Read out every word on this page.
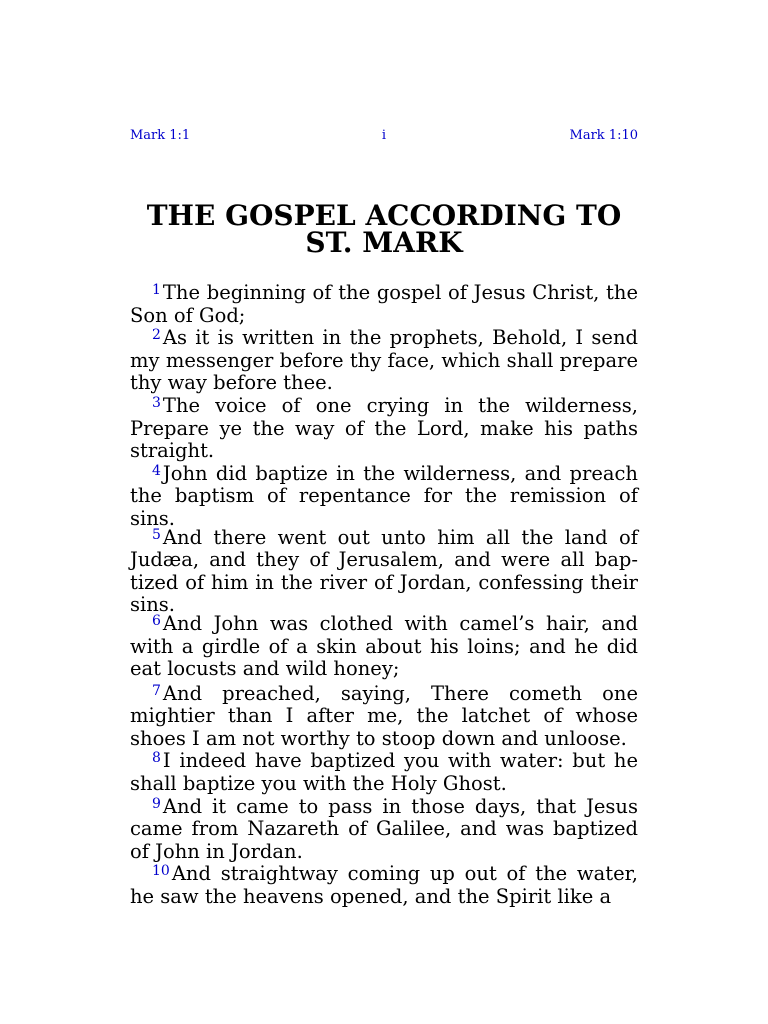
Mark 1:1	i	Mark 1:10
THE GOSPEL ACCORDING TO
ST. MARK

$^1$ The beginning of the gospel of Jesus Christ, the Son of God;

$^2$ As it is written in the prophets, Behold, I send my messenger before thy face, which shall prepare thy way before thee.

$^3$ The voice of one crying in the wilderness, Prepare ye the way of the Lord, make his paths straight.

$^4$ John did baptize in the wilderness, and preach the baptism of repentance for the remission of sins.

$^5$ And there went out unto him all the land of Judæa, and they of Jerusalem, and were all baptized of him in the river of Jordan, confessing their sins.

$^6$ And John was clothed with camel’s hair, and with a girdle of a skin about his loins; and he did eat locusts and wild honey;

$^7$ And preached, saying, There cometh one mightier than I after me, the latchet of whose shoes I am not worthy to stoop down and unloose.

$^8$ I indeed have baptized you with water: but he shall baptize you with the Holy Ghost.

$^9$ And it came to pass in those days, that Jesus came from Nazareth of Galilee, and was baptized of John in Jordan.

$^{10}$ And straightway coming up out of the water, he saw the heavens opened, and the Spirit like a
